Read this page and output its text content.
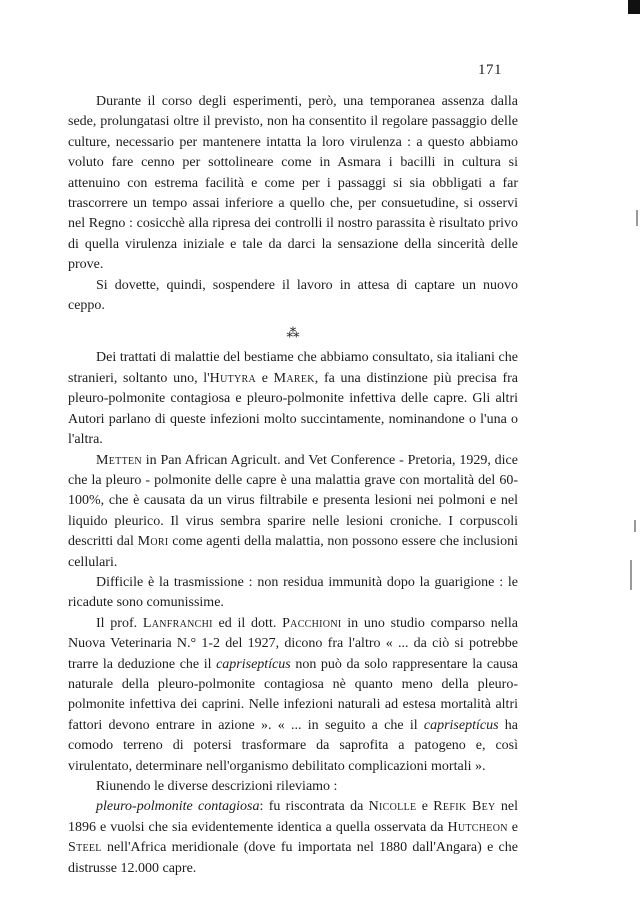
171

Durante il corso degli esperimenti, però, una temporanea assenza dalla sede, prolungatasi oltre il previsto, non ha consentito il regolare passaggio delle culture, necessario per mantenere intatta la loro virulenza : a questo abbiamo voluto fare cenno per sottolineare come in Asmara i bacilli in cultura si attenuino con estrema facilità e come per i passaggi si sia obbligati a far trascorrere un tempo assai inferiore a quello che, per consuetudine, si osservi nel Regno : cosicchè alla ripresa dei controlli il nostro parassita è risultato privo di quella virulenza iniziale e tale da darci la sensazione della sincerità delle prove.

Si dovette, quindi, sospendere il lavoro in attesa di captare un nuovo ceppo.

⁂

Dei trattati di malattie del bestiame che abbiamo consultato, sia italiani che stranieri, soltanto uno, l'Hutyra e Marek, fa una distinzione più precisa fra pleuro-polmonite contagiosa e pleuro-polmonite infettiva delle capre. Gli altri Autori parlano di queste infezioni molto succintamente, nominandone o l'una o l'altra.

Metten in Pan African Agricult. and Vet Conference - Pretoria, 1929, dice che la pleuro - polmonite delle capre è una malattia grave con mortalità del 60-100%, che è causata da un virus filtrabile e presenta lesioni nei polmoni e nel liquido pleurico. Il virus sembra sparire nelle lesioni croniche. I corpuscoli descritti dal Mori come agenti della malattia, non possono essere che inclusioni cellulari.

Difficile è la trasmissione : non residua immunità dopo la guarigione : le ricadute sono comunissime.

Il prof. Lanfranchi ed il dott. Pacchioni in uno studio comparso nella Nuova Veterinaria N.° 1-2 del 1927, dicono fra l'altro « ... da ciò si potrebbe trarre la deduzione che il capriseptícus non può da solo rappresentare la causa naturale della pleuro-polmonite contagiosa nè quanto meno della pleuro-polmonite infettiva dei caprini. Nelle infezioni naturali ad estesa mortalità altri fattori devono entrare in azione ». « ... in seguito a che il capriseptícus ha comodo terreno di potersi trasformare da saprofita a patogeno e, così virulentato, determinare nell'organismo debilitato complicazioni mortali ».

Riunendo le diverse descrizioni rileviamo :

pleuro-polmonite contagiosa: fu riscontrata da Nicolle e Refik Bey nel 1896 e vuolsi che sia evidentemente identica a quella osservata da Hutcheon e Steel nell'Africa meridionale (dove fu importata nel 1880 dall'Angara) e che distrusse 12.000 capre.
